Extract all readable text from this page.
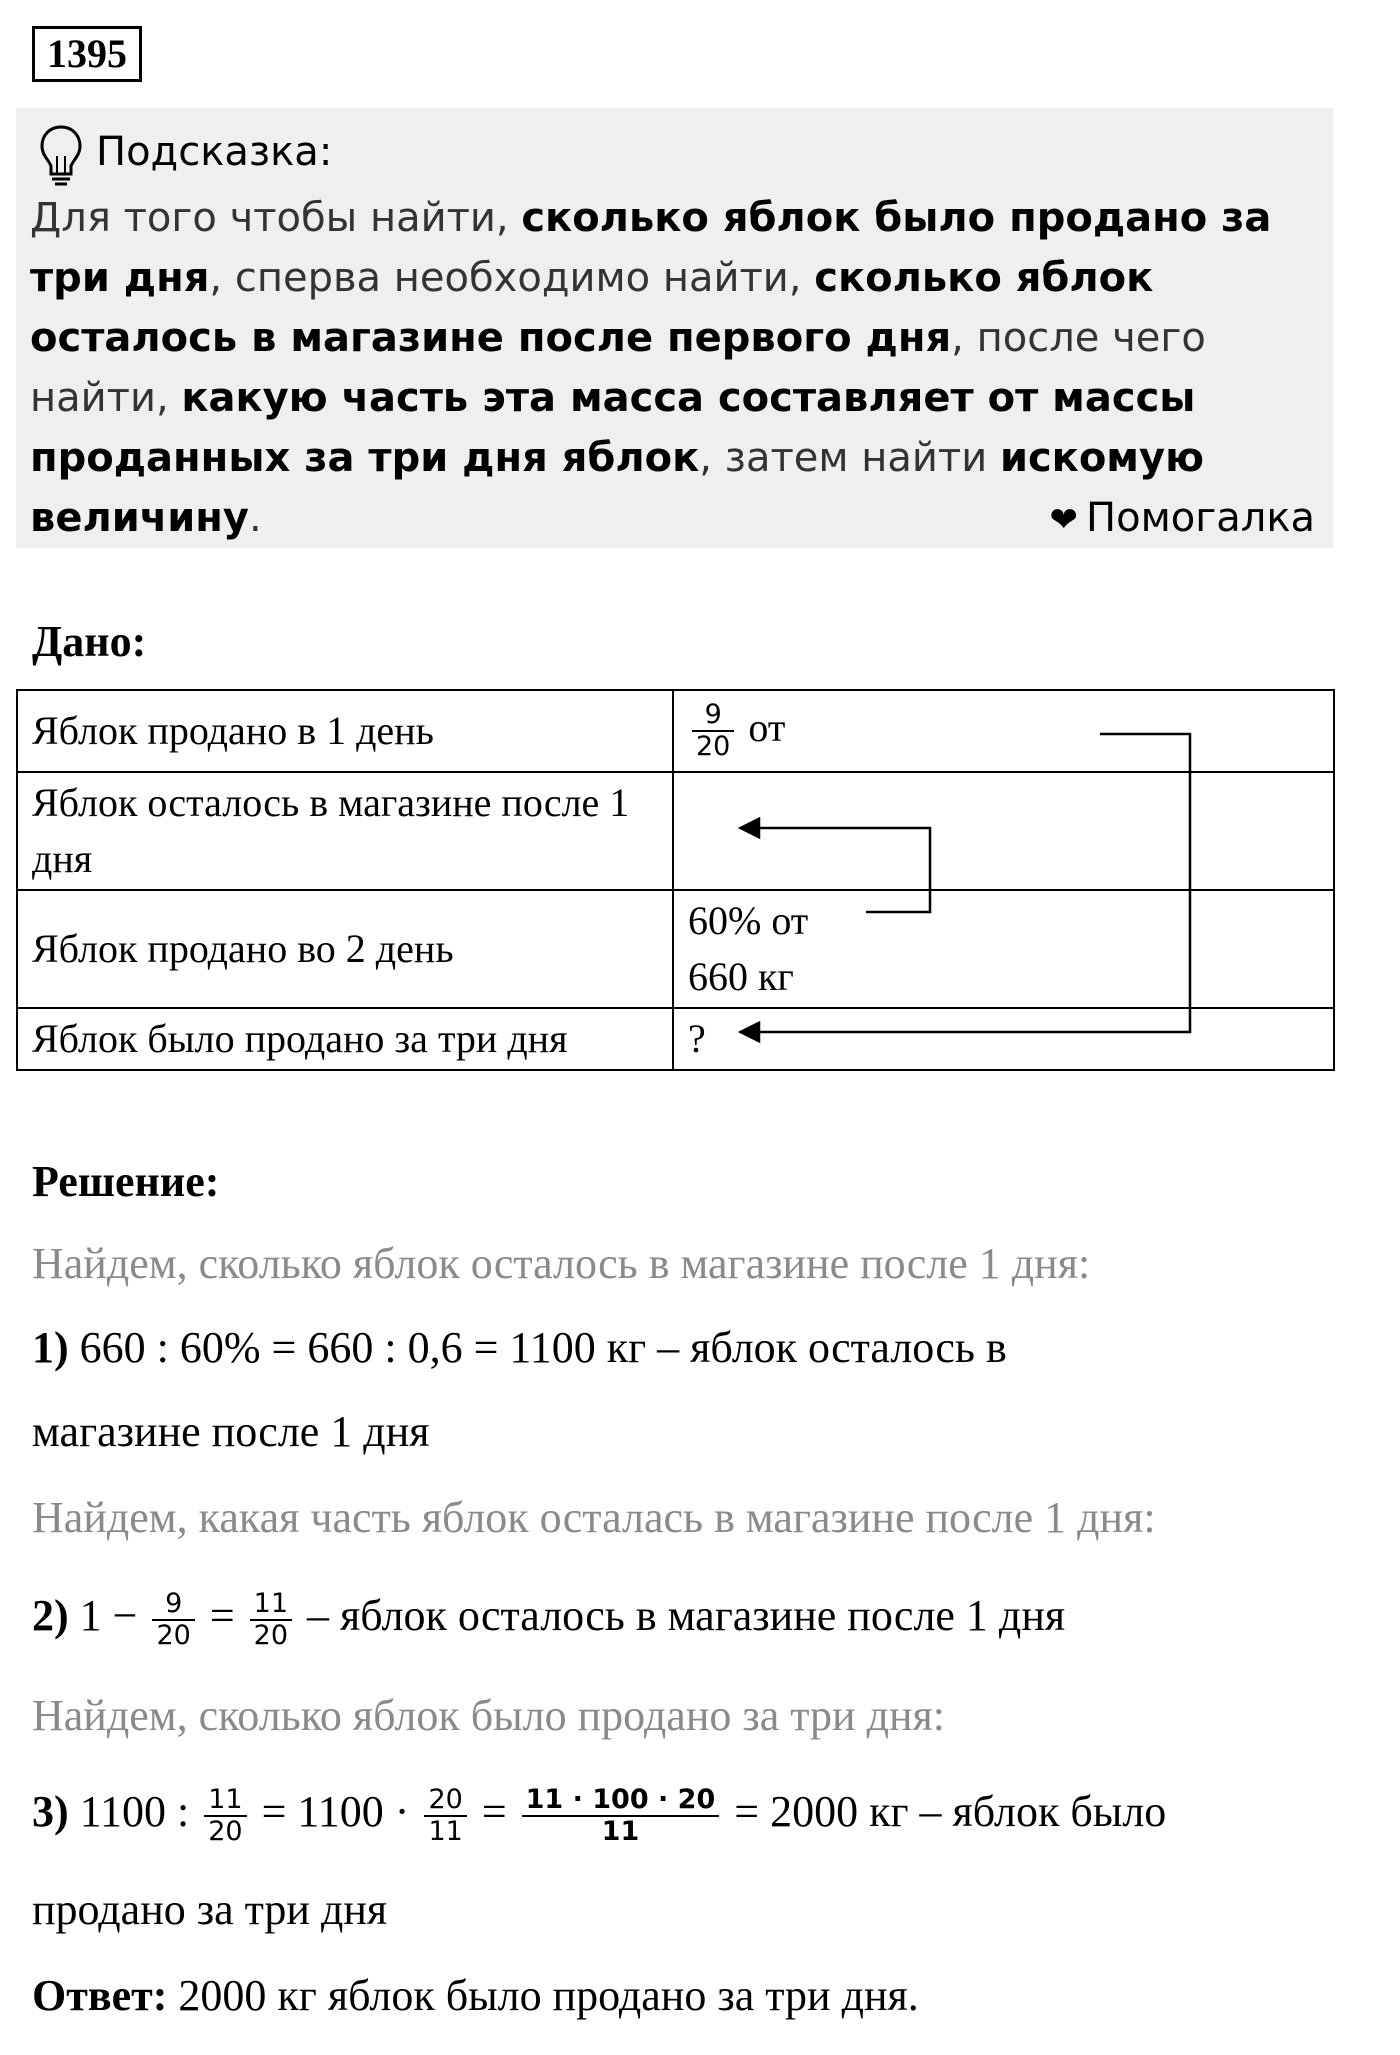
1395
Подсказка:
Для того чтобы найти, сколько яблок было продано за три дня, сперва необходимо найти, сколько яблок осталось в магазине после первого дня, после чего найти, какую часть эта масса составляет от массы проданных за три дня яблок, затем найти искомую величину.	❤ Помогалка
Дано:
Яблок продано в 1 день	$\frac{9}{20}$ от
Яблок осталось в магазине после 1 дня	
Яблок продано во 2 день	60% от
660 кг

Яблок было продано за три дня	?
Решение:
Найдем, сколько яблок осталось в магазине после 1 дня:
1) 660 : 60% = 660 : 0,6 = 1100 кг – яблок осталось в
магазине после 1 дня
Найдем, какая часть яблок осталась в магазине после 1 дня:
2) $1 - \frac{9}{20} = \frac{11}{20}$ – яблок осталось в магазине после 1 дня
Найдем, сколько яблок было продано за три дня:
3) 1100 : $\frac{11}{20} = 1100 \cdot \frac{20}{11} = \frac{11 \cdot 100 \cdot 20}{11} = 2000$ кг – яблок было
продано за три дня
Ответ: 2000 кг яблок было продано за три дня.
